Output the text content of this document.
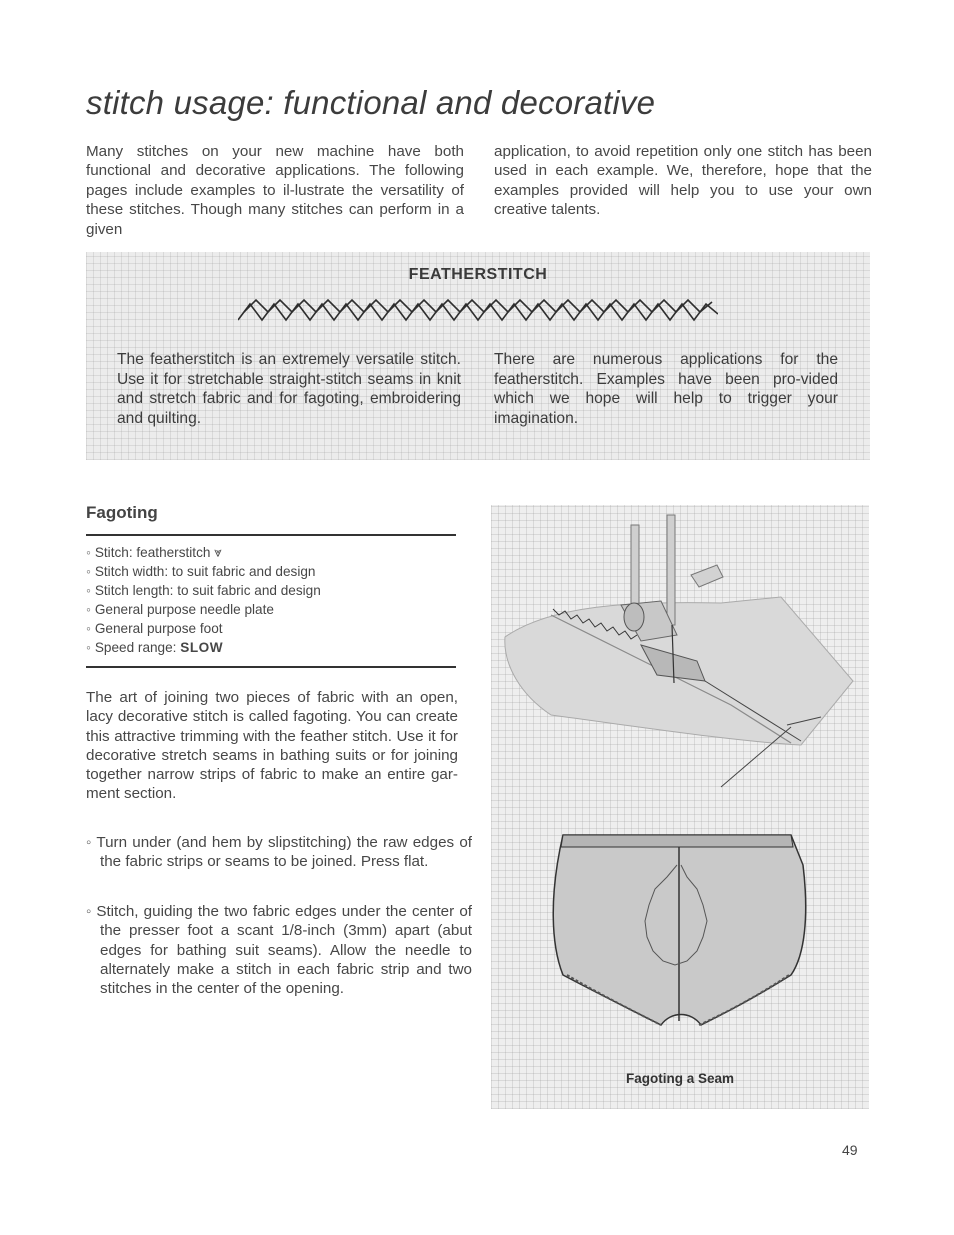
stitch usage: functional and decorative

Many stitches on your new machine have both functional and decorative applications. The following pages include examples to il-lustrate the versatility of these stitches. Though many stitches can perform in a given

application, to avoid repetition only one stitch has been used in each example. We, therefore, hope that the examples provided will help you to use your own creative talents.

FEATHERSTITCH

The featherstitch is an extremely versatile stitch. Use it for stretchable straight-stitch seams in knit and stretch fabric and for fagoting, embroidering and quilting.

There are numerous applications for the featherstitch. Examples have been pro-vided which we hope will help to trigger your imagination.

Fagoting
◦ Stitch: featherstitch ⩔
◦ Stitch width: to suit fabric and design
◦ Stitch length: to suit fabric and design
◦ General purpose needle plate
◦ General purpose foot
◦ Speed range: SLOW

The art of joining two pieces of fabric with an open, lacy decorative stitch is called fagoting. You can create this attractive trimming with the feather stitch. Use it for decorative stretch seams in bathing suits or for joining together narrow strips of fabric to make an entire gar-ment section.

◦ Turn under (and hem by slipstitching) the raw edges of the fabric strips or seams to be joined. Press flat.

◦ Stitch, guiding the two fabric edges under the center of the presser foot a scant 1/8-inch (3mm) apart (abut edges for bathing suit seams). Allow the needle to alternately make a stitch in each fabric strip and two stitches in the center of the opening.

Fagoting a Seam

49
